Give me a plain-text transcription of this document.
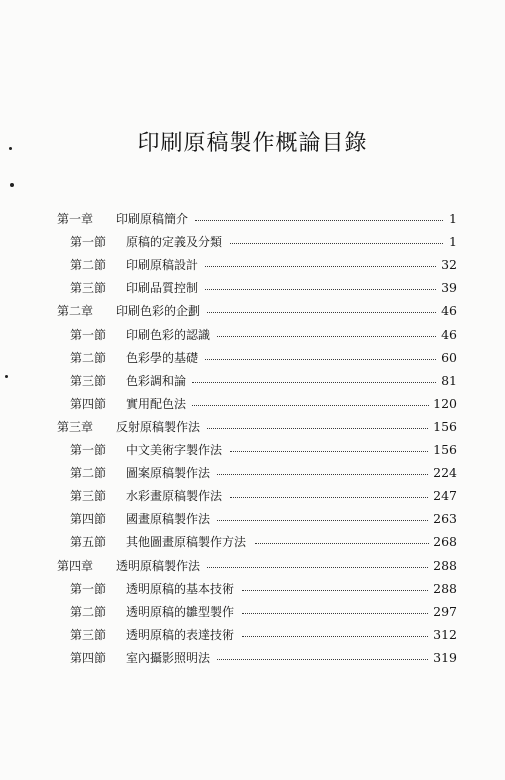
印刷原稿製作概論目錄
第一章 印刷原稿簡介	1
第一節 原稿的定義及分類	1
第二節 印刷原稿設計	32
第三節 印刷品質控制	39
第二章 印刷色彩的企劃	46
第一節 印刷色彩的認識	46
第二節 色彩學的基礎	60
第三節 色彩調和論	81
第四節 實用配色法	120
第三章 反射原稿製作法	156
第一節 中文美術字製作法	156
第二節 圖案原稿製作法	224
第三節 水彩畫原稿製作法	247
第四節 國畫原稿製作法	263
第五節 其他圖畫原稿製作方法	268
第四章 透明原稿製作法	288
第一節 透明原稿的基本技術	288
第二節 透明原稿的雛型製作	297
第三節 透明原稿的表達技術	312
第四節 室內攝影照明法	319
